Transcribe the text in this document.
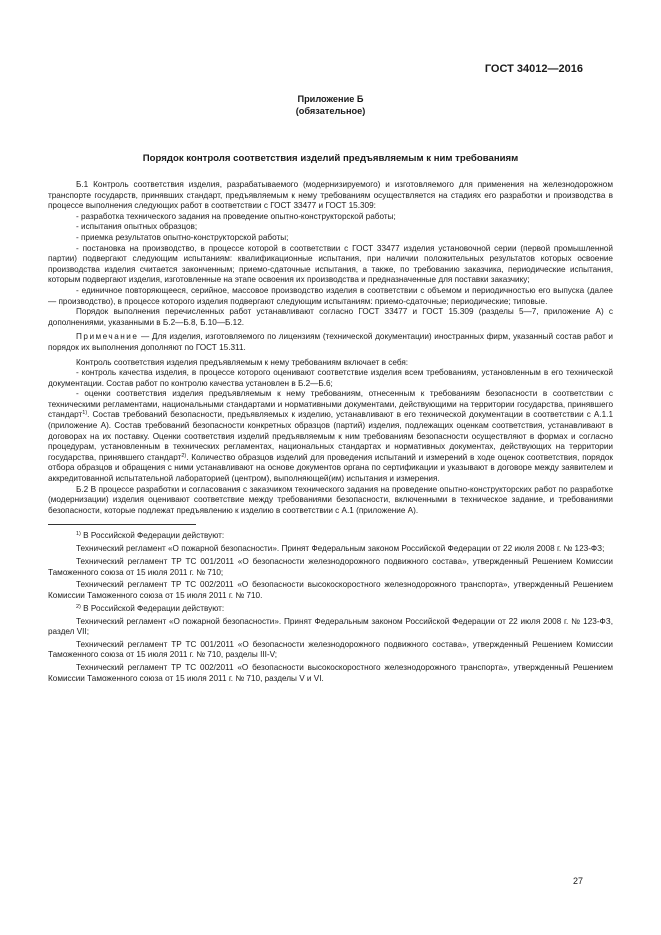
ГОСТ 34012—2016
Приложение Б
(обязательное)
Порядок контроля соответствия изделий предъявляемым к ним требованиям

Б.1 Контроль соответствия изделия, разрабатываемого (модернизируемого) и изготовляемого для применения на железнодорожном транспорте государств, принявших стандарт, предъявляемым к нему требованиям осуществляется на стадиях его разработки и производства в процессе выполнения следующих работ в соответствии с ГОСТ 33477 и ГОСТ 15.309:

- разработка технического задания на проведение опытно-конструкторской работы;

- испытания опытных образцов;

- приемка результатов опытно-конструкторской работы;

- постановка на производство, в процессе которой в соответствии с ГОСТ 33477 изделия установочной серии (первой промышленной партии) подвергают следующим испытаниям: квалификационные испытания, при наличии положительных результатов которых освоение производства изделия считается законченным; приемо-сдаточные испытания, а также, по требованию заказчика, периодические испытания, которым подвергают изделия, изготовленные на этапе освоения их производства и предназначенные для поставки заказчику;

- единичное повторяющееся, серийное, массовое производство изделия в соответствии с объемом и периодичностью его выпуска (далее — производство), в процессе которого изделия подвергают следующим испытаниям: приемо-сдаточные; периодические; типовые.

Порядок выполнения перечисленных работ устанавливают согласно ГОСТ 33477 и ГОСТ 15.309 (разделы 5—7, приложение А) с дополнениями, указанными в Б.2—Б.8, Б.10—Б.12.

Примечание — Для изделия, изготовляемого по лицензиям (технической документации) иностранных фирм, указанный состав работ и порядок их выполнения дополняют по ГОСТ 15.311.

Контроль соответствия изделия предъявляемым к нему требованиям включает в себя:

- контроль качества изделия, в процессе которого оценивают соответствие изделия всем требованиям, установленным в его технической документации. Состав работ по контролю качества установлен в Б.2—Б.6;

- оценки соответствия изделия предъявляемым к нему требованиям, отнесенным к требованиям безопасности в соответствии с техническими регламентами, национальными стандартами и нормативными документами, действующими на территории государства, принявшего стандарт$^{1)}$. Состав требований безопасности, предъявляемых к изделию, устанавливают в его технической документации в соответствии с А.1.1 (приложение А). Состав требований безопасности конкретных образцов (партий) изделия, подлежащих оценкам соответствия, устанавливают в договорах на их поставку. Оценки соответствия изделий предъявляемым к ним требованиям безопасности осуществляют в формах и согласно процедурам, установленным в технических регламентах, национальных стандартах и нормативных документах, действующих на территории государства, принявшего стандарт$^{2)}$. Количество образцов изделий для проведения испытаний и измерений в ходе оценок соответствия, порядок отбора образцов и обращения с ними устанавливают на основе документов органа по сертификации и указывают в договоре между заявителем и аккредитованной испытательной лабораторией (центром), выполняющей(им) испытания и измерения.

Б.2 В процессе разработки и согласования с заказчиком технического задания на проведение опытно-конструкторских работ по разработке (модернизации) изделия оценивают соответствие между требованиями безопасности, включенными в техническое задание, и требованиями безопасности, которые подлежат предъявлению к изделию в соответствии с А.1 (приложение А).

$^{1)}$ В Российской Федерации действуют:

Технический регламент «О пожарной безопасности». Принят Федеральным законом Российской Федерации от 22 июля 2008 г. № 123-ФЗ;

Технический регламент ТР ТС 001/2011 «О безопасности железнодорожного подвижного состава», утвержденный Решением Комиссии Таможенного союза от 15 июля 2011 г. № 710;

Технический регламент ТР ТС 002/2011 «О безопасности высокоскоростного железнодорожного транспорта», утвержденный Решением Комиссии Таможенного союза от 15 июля 2011 г. № 710.

$^{2)}$ В Российской Федерации действуют:

Технический регламент «О пожарной безопасности». Принят Федеральным законом Российской Федерации от 22 июля 2008 г. № 123-ФЗ, раздел VII;

Технический регламент ТР ТС 001/2011 «О безопасности железнодорожного подвижного состава», утвержденный Решением Комиссии Таможенного союза от 15 июля 2011 г. № 710, разделы III-V;

Технический регламент ТР ТС 002/2011 «О безопасности высокоскоростного железнодорожного транспорта», утвержденный Решением Комиссии Таможенного союза от 15 июля 2011 г. № 710, разделы V и VI.

27
